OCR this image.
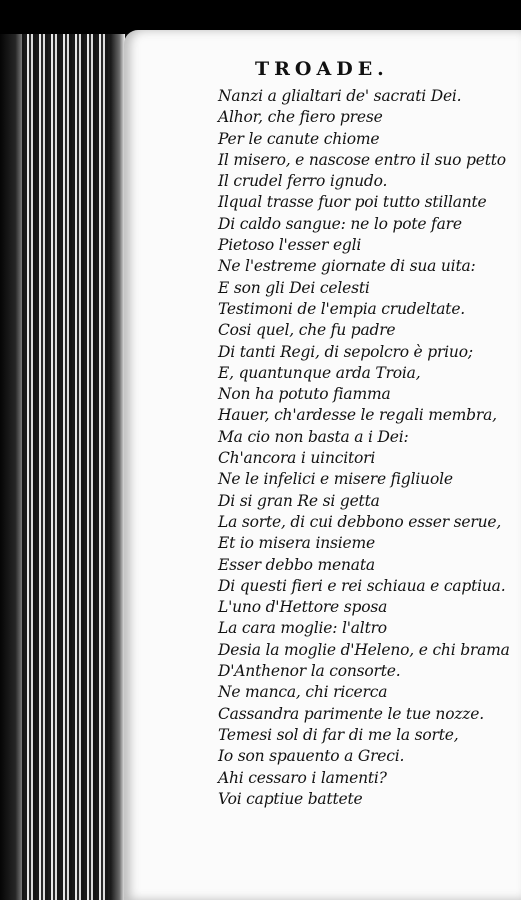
TROADE.
Nanzi a glialtari de' sacrati Dei.
Alhor, che fiero prese
Per le canute chiome
Il misero, e nascose entro il suo petto
Il crudel ferro ignudo.
Ilqual trasse fuor poi tutto stillante
Di caldo sangue: ne lo pote fare
Pietoso l'esser egli
Ne l'estreme giornate di sua uita:
E son gli Dei celesti
Testimoni de l'empia crudeltate.
Cosi quel, che fu padre
Di tanti Regi, di sepolcro è priuo;
E, quantunque arda Troia,
Non ha potuto fiamma
Hauer, ch'ardesse le regali membra,
Ma cio non basta a i Dei:
Ch'ancora i uincitori
Ne le infelici e misere figliuole
Di si gran Re si getta
La sorte, di cui debbono esser serue,
Et io misera insieme
Esser debbo menata
Di questi fieri e rei schiaua e captiua.
L'uno d'Hettore sposa
La cara moglie: l'altro
Desia la moglie d'Heleno, e chi brama
D'Anthenor la consorte.
Ne manca, chi ricerca
Cassandra parimente le tue nozze.
Temesi sol di far di me la sorte,
Io son spauento a Greci.
Ahi cessaro i lamenti?
Voi captiue battete
